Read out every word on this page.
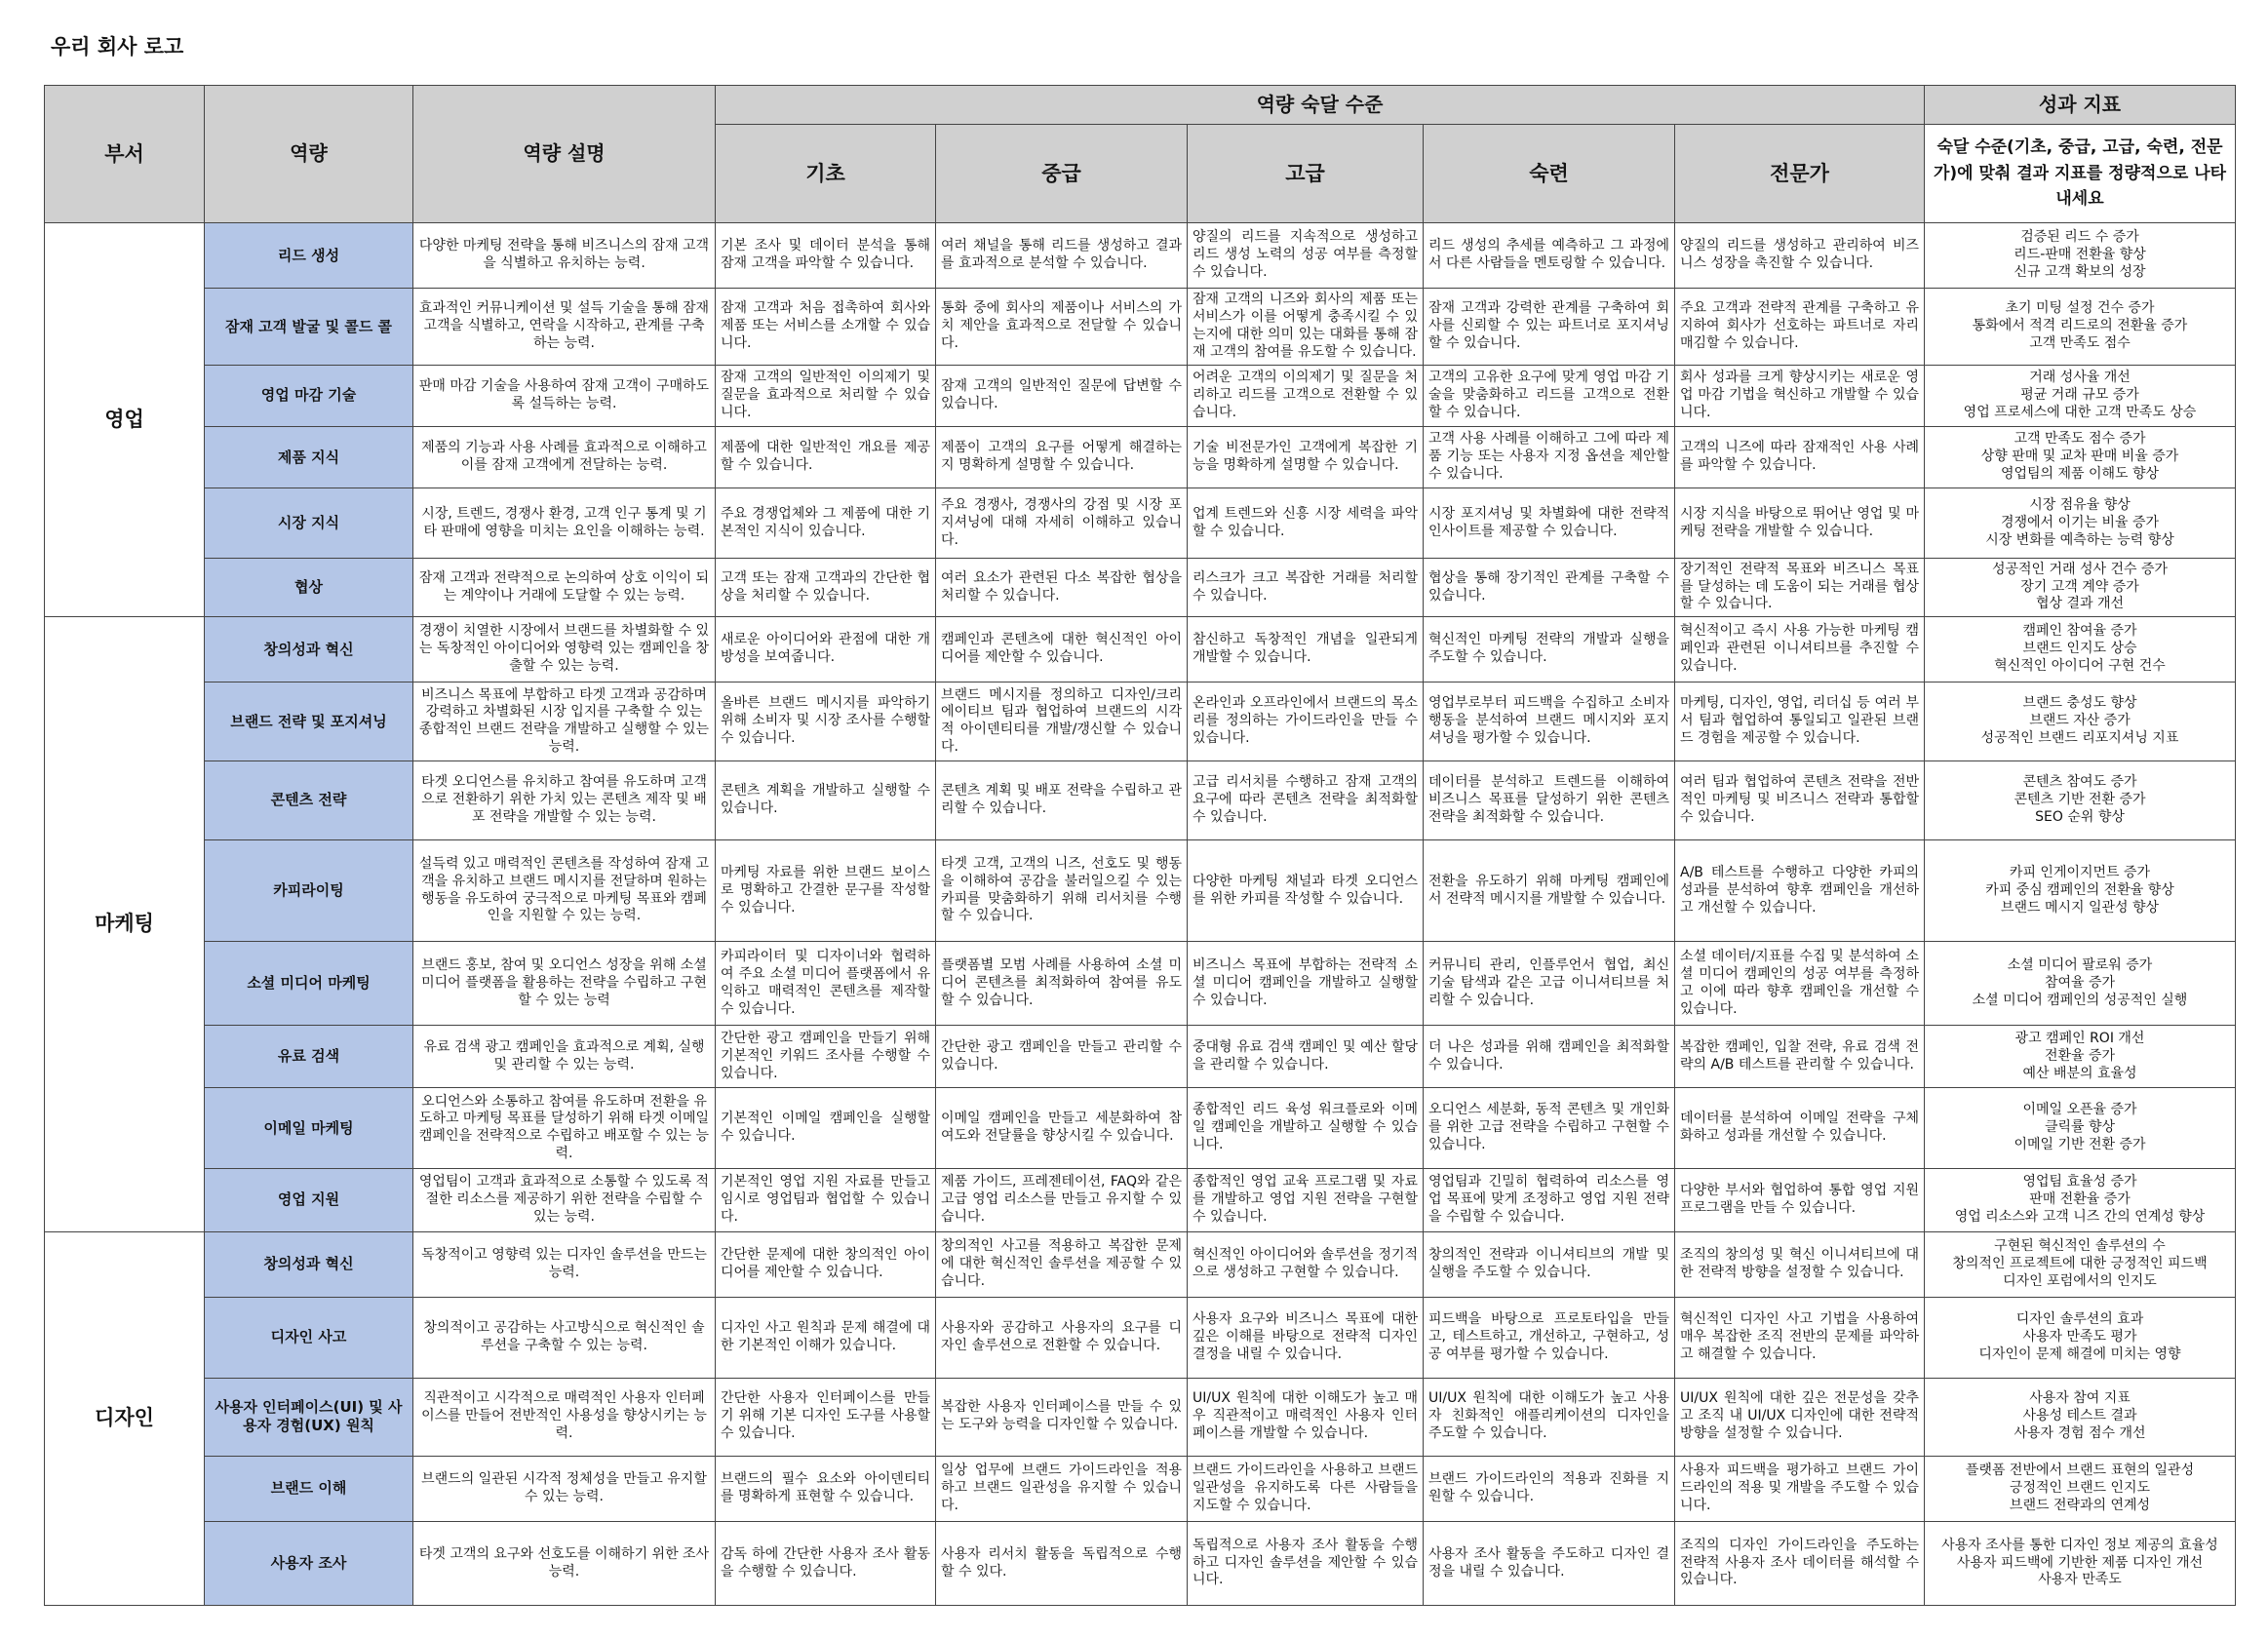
우리 회사 로고
부서	역량	역량 설명	역량 숙달 수준					성과 지표
			기초	중급	고급	숙련	전문가	숙달 수준(기초, 중급, 고급, 숙련, 전문가)에 맞춰 결과 지표를 정량적으로 나타내세요
영업	리드 생성	다양한 마케팅 전략을 통해 비즈니스의 잠재 고객을 식별하고 유치하는 능력.	기본 조사 및 데이터 분석을 통해 잠재 고객을 파악할 수 있습니다.	여러 채널을 통해 리드를 생성하고 결과를 효과적으로 분석할 수 있습니다.	양질의 리드를 지속적으로 생성하고 리드 생성 노력의 성공 여부를 측정할 수 있습니다.	리드 생성의 추세를 예측하고 그 과정에서 다른 사람들을 멘토링할 수 있습니다.	양질의 리드를 생성하고 관리하여 비즈니스 성장을 촉진할 수 있습니다.	검증된 리드 수 증가
리드-판매 전환율 향상
신규 고객 확보의 성장

	잠재 고객 발굴 및 콜드 콜	효과적인 커뮤니케이션 및 설득 기술을 통해 잠재 고객을 식별하고, 연락을 시작하고, 관계를 구축하는 능력.	잠재 고객과 처음 접촉하여 회사와 제품 또는 서비스를 소개할 수 있습니다.	통화 중에 회사의 제품이나 서비스의 가치 제안을 효과적으로 전달할 수 있습니다.	잠재 고객의 니즈와 회사의 제품 또는 서비스가 이를 어떻게 충족시킬 수 있는지에 대한 의미 있는 대화를 통해 잠재 고객의 참여를 유도할 수 있습니다.	잠재 고객과 강력한 관계를 구축하여 회사를 신뢰할 수 있는 파트너로 포지셔닝할 수 있습니다.	주요 고객과 전략적 관계를 구축하고 유지하여 회사가 선호하는 파트너로 자리매김할 수 있습니다.	초기 미팅 설정 건수 증가
통화에서 적격 리드로의 전환율 증가
고객 만족도 점수

	영업 마감 기술	판매 마감 기술을 사용하여 잠재 고객이 구매하도록 설득하는 능력.	잠재 고객의 일반적인 이의제기 및 질문을 효과적으로 처리할 수 있습니다.	잠재 고객의 일반적인 질문에 답변할 수 있습니다.	어려운 고객의 이의제기 및 질문을 처리하고 리드를 고객으로 전환할 수 있습니다.	고객의 고유한 요구에 맞게 영업 마감 기술을 맞춤화하고 리드를 고객으로 전환할 수 있습니다.	회사 성과를 크게 향상시키는 새로운 영업 마감 기법을 혁신하고 개발할 수 있습니다.	거래 성사율 개선
평균 거래 규모 증가
영업 프로세스에 대한 고객 만족도 상승

	제품 지식	제품의 기능과 사용 사례를 효과적으로 이해하고 이를 잠재 고객에게 전달하는 능력.	제품에 대한 일반적인 개요를 제공할 수 있습니다.	제품이 고객의 요구를 어떻게 해결하는지 명확하게 설명할 수 있습니다.	기술 비전문가인 고객에게 복잡한 기능을 명확하게 설명할 수 있습니다.	고객 사용 사례를 이해하고 그에 따라 제품 기능 또는 사용자 지정 옵션을 제안할 수 있습니다.	고객의 니즈에 따라 잠재적인 사용 사례를 파악할 수 있습니다.	고객 만족도 점수 증가
상향 판매 및 교차 판매 비율 증가
영업팀의 제품 이해도 향상

	시장 지식	시장, 트렌드, 경쟁사 환경, 고객 인구 통계 및 기타 판매에 영향을 미치는 요인을 이해하는 능력.	주요 경쟁업체와 그 제품에 대한 기본적인 지식이 있습니다.	주요 경쟁사, 경쟁사의 강점 및 시장 포지셔닝에 대해 자세히 이해하고 있습니다.	업계 트렌드와 신흥 시장 세력을 파악할 수 있습니다.	시장 포지셔닝 및 차별화에 대한 전략적 인사이트를 제공할 수 있습니다.	시장 지식을 바탕으로 뛰어난 영업 및 마케팅 전략을 개발할 수 있습니다.	시장 점유율 향상
경쟁에서 이기는 비율 증가
시장 변화를 예측하는 능력 향상

	협상	잠재 고객과 전략적으로 논의하여 상호 이익이 되는 계약이나 거래에 도달할 수 있는 능력.	고객 또는 잠재 고객과의 간단한 협상을 처리할 수 있습니다.	여러 요소가 관련된 다소 복잡한 협상을 처리할 수 있습니다.	리스크가 크고 복잡한 거래를 처리할 수 있습니다.	협상을 통해 장기적인 관계를 구축할 수 있습니다.	장기적인 전략적 목표와 비즈니스 목표를 달성하는 데 도움이 되는 거래를 협상할 수 있습니다.	성공적인 거래 성사 건수 증가
장기 고객 계약 증가
협상 결과 개선

마케팅	창의성과 혁신	경쟁이 치열한 시장에서 브랜드를 차별화할 수 있는 독창적인 아이디어와 영향력 있는 캠페인을 창출할 수 있는 능력.	새로운 아이디어와 관점에 대한 개방성을 보여줍니다.	캠페인과 콘텐츠에 대한 혁신적인 아이디어를 제안할 수 있습니다.	참신하고 독창적인 개념을 일관되게 개발할 수 있습니다.	혁신적인 마케팅 전략의 개발과 실행을 주도할 수 있습니다.	혁신적이고 즉시 사용 가능한 마케팅 캠페인과 관련된 이니셔티브를 추진할 수 있습니다.	캠페인 참여율 증가
브랜드 인지도 상승
혁신적인 아이디어 구현 건수

	브랜드 전략 및 포지셔닝	비즈니스 목표에 부합하고 타겟 고객과 공감하며 강력하고 차별화된 시장 입지를 구축할 수 있는 종합적인 브랜드 전략을 개발하고 실행할 수 있는 능력.	올바른 브랜드 메시지를 파악하기 위해 소비자 및 시장 조사를 수행할 수 있습니다.	브랜드 메시지를 정의하고 디자인/크리에이티브 팀과 협업하여 브랜드의 시각적 아이덴티티를 개발/갱신할 수 있습니다.	온라인과 오프라인에서 브랜드의 목소리를 정의하는 가이드라인을 만들 수 있습니다.	영업부로부터 피드백을 수집하고 소비자 행동을 분석하여 브랜드 메시지와 포지셔닝을 평가할 수 있습니다.	마케팅, 디자인, 영업, 리더십 등 여러 부서 팀과 협업하여 통일되고 일관된 브랜드 경험을 제공할 수 있습니다.	브랜드 충성도 향상
브랜드 자산 증가
성공적인 브랜드 리포지셔닝 지표

	콘텐츠 전략	타겟 오디언스를 유치하고 참여를 유도하며 고객으로 전환하기 위한 가치 있는 콘텐츠 제작 및 배포 전략을 개발할 수 있는 능력.	콘텐츠 계획을 개발하고 실행할 수 있습니다.	콘텐츠 계획 및 배포 전략을 수립하고 관리할 수 있습니다.	고급 리서치를 수행하고 잠재 고객의 요구에 따라 콘텐츠 전략을 최적화할 수 있습니다.	데이터를 분석하고 트렌드를 이해하여 비즈니스 목표를 달성하기 위한 콘텐츠 전략을 최적화할 수 있습니다.	여러 팀과 협업하여 콘텐츠 전략을 전반적인 마케팅 및 비즈니스 전략과 통합할 수 있습니다.	콘텐츠 참여도 증가
콘텐츠 기반 전환 증가
SEO 순위 향상

	카피라이팅	설득력 있고 매력적인 콘텐츠를 작성하여 잠재 고객을 유치하고 브랜드 메시지를 전달하며 원하는 행동을 유도하여 궁극적으로 마케팅 목표와 캠페인을 지원할 수 있는 능력.	마케팅 자료를 위한 브랜드 보이스로 명확하고 간결한 문구를 작성할 수 있습니다.	타겟 고객, 고객의 니즈, 선호도 및 행동을 이해하여 공감을 불러일으킬 수 있는 카피를 맞춤화하기 위해 리서치를 수행할 수 있습니다.	다양한 마케팅 채널과 타겟 오디언스를 위한 카피를 작성할 수 있습니다.	전환을 유도하기 위해 마케팅 캠페인에서 전략적 메시지를 개발할 수 있습니다.	A/B 테스트를 수행하고 다양한 카피의 성과를 분석하여 향후 캠페인을 개선하고 개선할 수 있습니다.	카피 인게이지먼트 증가
카피 중심 캠페인의 전환율 향상
브랜드 메시지 일관성 향상

	소셜 미디어 마케팅	브랜드 홍보, 참여 및 오디언스 성장을 위해 소셜 미디어 플랫폼을 활용하는 전략을 수립하고 구현할 수 있는 능력	카피라이터 및 디자이너와 협력하여 주요 소셜 미디어 플랫폼에서 유익하고 매력적인 콘텐츠를 제작할 수 있습니다.	플랫폼별 모범 사례를 사용하여 소셜 미디어 콘텐츠를 최적화하여 참여를 유도할 수 있습니다.	비즈니스 목표에 부합하는 전략적 소셜 미디어 캠페인을 개발하고 실행할 수 있습니다.	커뮤니티 관리, 인플루언서 협업, 최신 기술 탐색과 같은 고급 이니셔티브를 처리할 수 있습니다.	소셜 데이터/지표를 수집 및 분석하여 소셜 미디어 캠페인의 성공 여부를 측정하고 이에 따라 향후 캠페인을 개선할 수 있습니다.	소셜 미디어 팔로워 증가
참여율 증가
소셜 미디어 캠페인의 성공적인 실행

	유료 검색	유료 검색 광고 캠페인을 효과적으로 계획, 실행 및 관리할 수 있는 능력.	간단한 광고 캠페인을 만들기 위해 기본적인 키워드 조사를 수행할 수 있습니다.	간단한 광고 캠페인을 만들고 관리할 수 있습니다.	중대형 유료 검색 캠페인 및 예산 할당을 관리할 수 있습니다.	더 나은 성과를 위해 캠페인을 최적화할 수 있습니다.	복잡한 캠페인, 입찰 전략, 유료 검색 전략의 A/B 테스트를 관리할 수 있습니다.	광고 캠페인 ROI 개선
전환율 증가
예산 배분의 효율성

	이메일 마케팅	오디언스와 소통하고 참여를 유도하며 전환을 유도하고 마케팅 목표를 달성하기 위해 타겟 이메일 캠페인을 전략적으로 수립하고 배포할 수 있는 능력.	기본적인 이메일 캠페인을 실행할 수 있습니다.	이메일 캠페인을 만들고 세분화하여 참여도와 전달률을 향상시킬 수 있습니다.	종합적인 리드 육성 워크플로와 이메일 캠페인을 개발하고 실행할 수 있습니다.	오디언스 세분화, 동적 콘텐츠 및 개인화를 위한 고급 전략을 수립하고 구현할 수 있습니다.	데이터를 분석하여 이메일 전략을 구체화하고 성과를 개선할 수 있습니다.	이메일 오픈율 증가
클릭률 향상
이메일 기반 전환 증가

	영업 지원	영업팀이 고객과 효과적으로 소통할 수 있도록 적절한 리소스를 제공하기 위한 전략을 수립할 수 있는 능력.	기본적인 영업 지원 자료를 만들고 임시로 영업팀과 협업할 수 있습니다.	제품 가이드, 프레젠테이션, FAQ와 같은 고급 영업 리소스를 만들고 유지할 수 있습니다.	종합적인 영업 교육 프로그램 및 자료를 개발하고 영업 지원 전략을 구현할 수 있습니다.	영업팀과 긴밀히 협력하여 리소스를 영업 목표에 맞게 조정하고 영업 지원 전략을 수립할 수 있습니다.	다양한 부서와 협업하여 통합 영업 지원 프로그램을 만들 수 있습니다.	영업팀 효율성 증가
판매 전환율 증가
영업 리소스와 고객 니즈 간의 연계성 향상

디자인	창의성과 혁신	독창적이고 영향력 있는 디자인 솔루션을 만드는 능력.	간단한 문제에 대한 창의적인 아이디어를 제안할 수 있습니다.	창의적인 사고를 적용하고 복잡한 문제에 대한 혁신적인 솔루션을 제공할 수 있습니다.	혁신적인 아이디어와 솔루션을 정기적으로 생성하고 구현할 수 있습니다.	창의적인 전략과 이니셔티브의 개발 및 실행을 주도할 수 있습니다.	조직의 창의성 및 혁신 이니셔티브에 대한 전략적 방향을 설정할 수 있습니다.	구현된 혁신적인 솔루션의 수
창의적인 프로젝트에 대한 긍정적인 피드백
디자인 포럼에서의 인지도

	디자인 사고	창의적이고 공감하는 사고방식으로 혁신적인 솔루션을 구축할 수 있는 능력.	디자인 사고 원칙과 문제 해결에 대한 기본적인 이해가 있습니다.	사용자와 공감하고 사용자의 요구를 디자인 솔루션으로 전환할 수 있습니다.	사용자 요구와 비즈니스 목표에 대한 깊은 이해를 바탕으로 전략적 디자인 결정을 내릴 수 있습니다.	피드백을 바탕으로 프로토타입을 만들고, 테스트하고, 개선하고, 구현하고, 성공 여부를 평가할 수 있습니다.	혁신적인 디자인 사고 기법을 사용하여 매우 복잡한 조직 전반의 문제를 파악하고 해결할 수 있습니다.	디자인 솔루션의 효과
사용자 만족도 평가
디자인이 문제 해결에 미치는 영향

	사용자 인터페이스(UI) 및 사용자 경험(UX) 원칙	직관적이고 시각적으로 매력적인 사용자 인터페이스를 만들어 전반적인 사용성을 향상시키는 능력.	간단한 사용자 인터페이스를 만들기 위해 기본 디자인 도구를 사용할 수 있습니다.	복잡한 사용자 인터페이스를 만들 수 있는 도구와 능력을 디자인할 수 있습니다.	UI/UX 원칙에 대한 이해도가 높고 매우 직관적이고 매력적인 사용자 인터페이스를 개발할 수 있습니다.	UI/UX 원칙에 대한 이해도가 높고 사용자 친화적인 애플리케이션의 디자인을 주도할 수 있습니다.	UI/UX 원칙에 대한 깊은 전문성을 갖추고 조직 내 UI/UX 디자인에 대한 전략적 방향을 설정할 수 있습니다.	사용자 참여 지표
사용성 테스트 결과
사용자 경험 점수 개선

	브랜드 이해	브랜드의 일관된 시각적 정체성을 만들고 유지할 수 있는 능력.	브랜드의 필수 요소와 아이덴티티를 명확하게 표현할 수 있습니다.	일상 업무에 브랜드 가이드라인을 적용하고 브랜드 일관성을 유지할 수 있습니다.	브랜드 가이드라인을 사용하고 브랜드 일관성을 유지하도록 다른 사람들을 지도할 수 있습니다.	브랜드 가이드라인의 적용과 진화를 지원할 수 있습니다.	사용자 피드백을 평가하고 브랜드 가이드라인의 적용 및 개발을 주도할 수 있습니다.	플랫폼 전반에서 브랜드 표현의 일관성
긍정적인 브랜드 인지도
브랜드 전략과의 연계성

	사용자 조사	타겟 고객의 요구와 선호도를 이해하기 위한 조사 능력.	감독 하에 간단한 사용자 조사 활동을 수행할 수 있습니다.	사용자 리서치 활동을 독립적으로 수행할 수 있다.	독립적으로 사용자 조사 활동을 수행하고 디자인 솔루션을 제안할 수 있습니다.	사용자 조사 활동을 주도하고 디자인 결정을 내릴 수 있습니다.	조직의 디자인 가이드라인을 주도하는 전략적 사용자 조사 데이터를 해석할 수 있습니다.	사용자 조사를 통한 디자인 정보 제공의 효율성
사용자 피드백에 기반한 제품 디자인 개선
사용자 만족도
